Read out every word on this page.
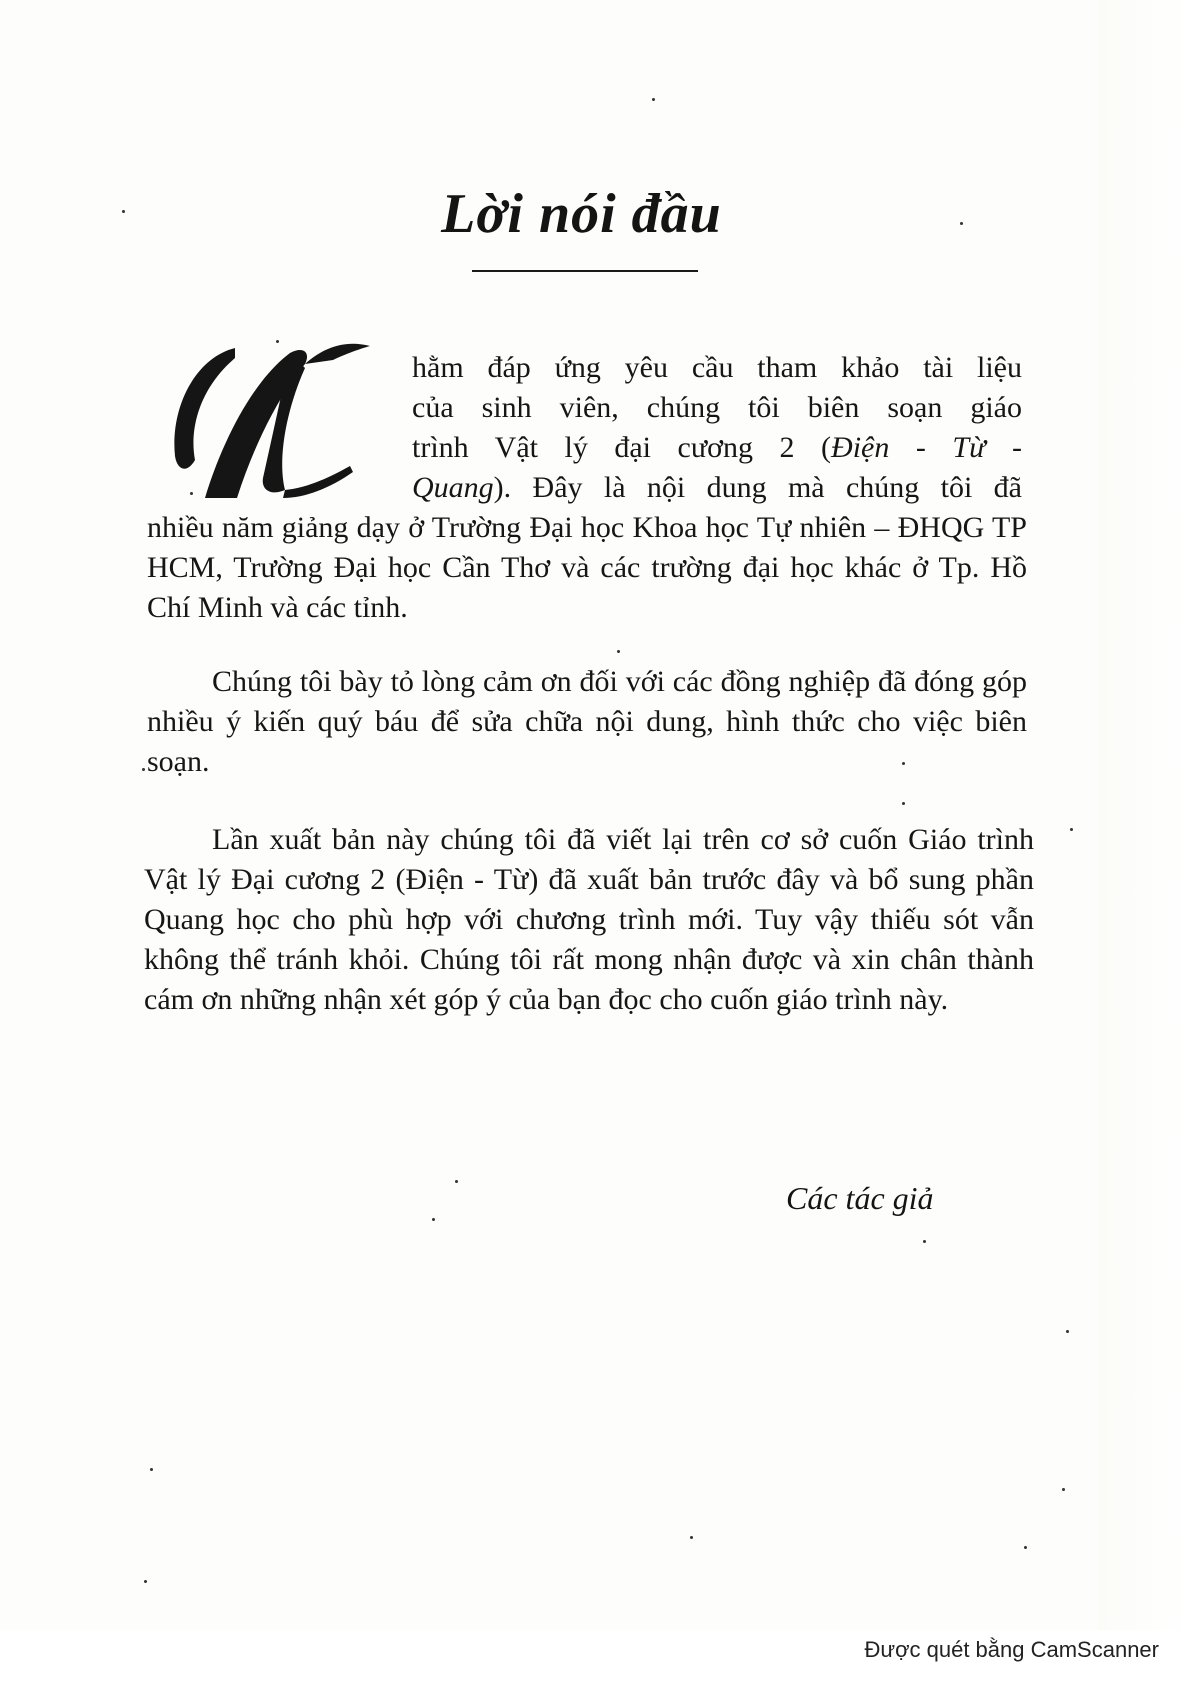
Lời nói đầu

hằm đáp ứng yêu cầu tham khảo tài liệu

của sinh viên, chúng tôi biên soạn giáo

trình Vật lý đại cương 2 (Điện - Từ -

Quang). Đây là nội dung mà chúng tôi đã

nhiều năm giảng dạy ở Trường Đại học Khoa học Tự nhiên – ĐHQG TP HCM, Trường Đại học Cần Thơ và các trường đại học khác ở Tp. Hồ Chí Minh và các tỉnh.

Chúng tôi bày tỏ lòng cảm ơn đối với các đồng nghiệp đã đóng góp nhiều ý kiến quý báu để sửa chữa nội dung, hình thức cho việc biên soạn.

Lần xuất bản này chúng tôi đã viết lại trên cơ sở cuốn Giáo trình Vật lý Đại cương 2 (Điện - Từ) đã xuất bản trước đây và bổ sung phần Quang học cho phù hợp với chương trình mới. Tuy vậy thiếu sót vẫn không thể tránh khỏi. Chúng tôi rất mong nhận được và xin chân thành cám ơn những nhận xét góp ý của bạn đọc cho cuốn giáo trình này.

Các tác giả
Được quét bằng CamScanner
